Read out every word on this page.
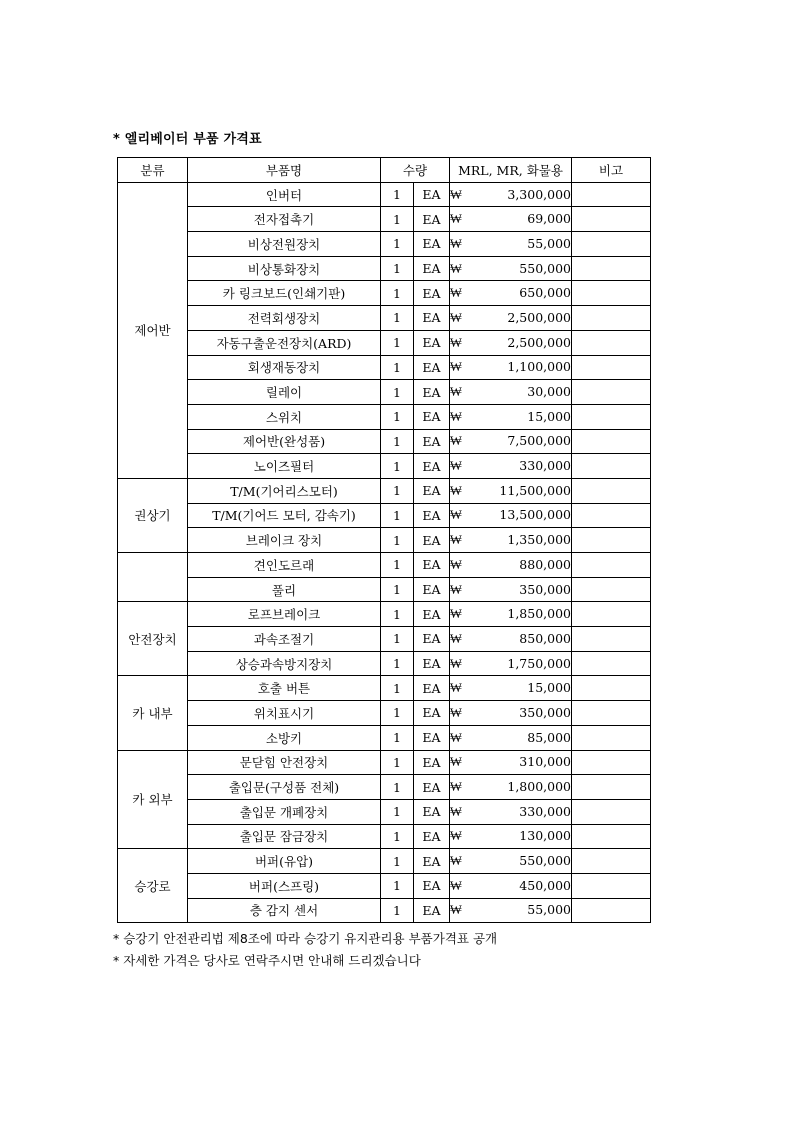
* 엘리베이터 부품 가격표
분류	부품명	수량		MRL, MR, 화물용	비고
제어반	인버터	1	EA	₩ 3,300,000	

	전자접촉기	1	EA	₩ 69,000	

	비상전원장치	1	EA	₩ 55,000	

	비상통화장치	1	EA	₩ 550,000	

	카 링크보드(인쇄기판)	1	EA	₩ 650,000	

	전력회생장치	1	EA	₩ 2,500,000	

	자동구출운전장치(ARD)	1	EA	₩ 2,500,000	

	회생재동장치	1	EA	₩ 1,100,000	

	릴레이	1	EA	₩ 30,000	

	스위치	1	EA	₩ 15,000	

	제어반(완성품)	1	EA	₩ 7,500,000	

	노이즈필터	1	EA	₩ 330,000	

권상기	T/M(기어리스모터)	1	EA	₩ 11,500,000	

	T/M(기어드 모터, 감속기)	1	EA	₩ 13,500,000	

	브레이크 장치	1	EA	₩ 1,350,000	

	견인도르래	1	EA	₩ 880,000	

	풀리	1	EA	₩ 350,000	

안전장치	로프브레이크	1	EA	₩ 1,850,000	

	과속조절기	1	EA	₩ 850,000	

	상승과속방지장치	1	EA	₩ 1,750,000	

카 내부	호출 버튼	1	EA	₩ 15,000	

	위치표시기	1	EA	₩ 350,000	

	소방키	1	EA	₩ 85,000	

카 외부	문닫힘 안전장치	1	EA	₩ 310,000	

	출입문(구성품 전체)	1	EA	₩ 1,800,000	

	출입문 개폐장치	1	EA	₩ 330,000	

	출입문 잠금장치	1	EA	₩ 130,000	

승강로	버퍼(유압)	1	EA	₩ 550,000	

	버퍼(스프링)	1	EA	₩ 450,000	

	층 감지 센서	1	EA	₩ 55,000	

* 승강기 안전관리법 제8조에 따라 승강기 유지관리용 부품가격표 공개
* 자세한 가격은 당사로 연락주시면 안내해 드리겠습니다
